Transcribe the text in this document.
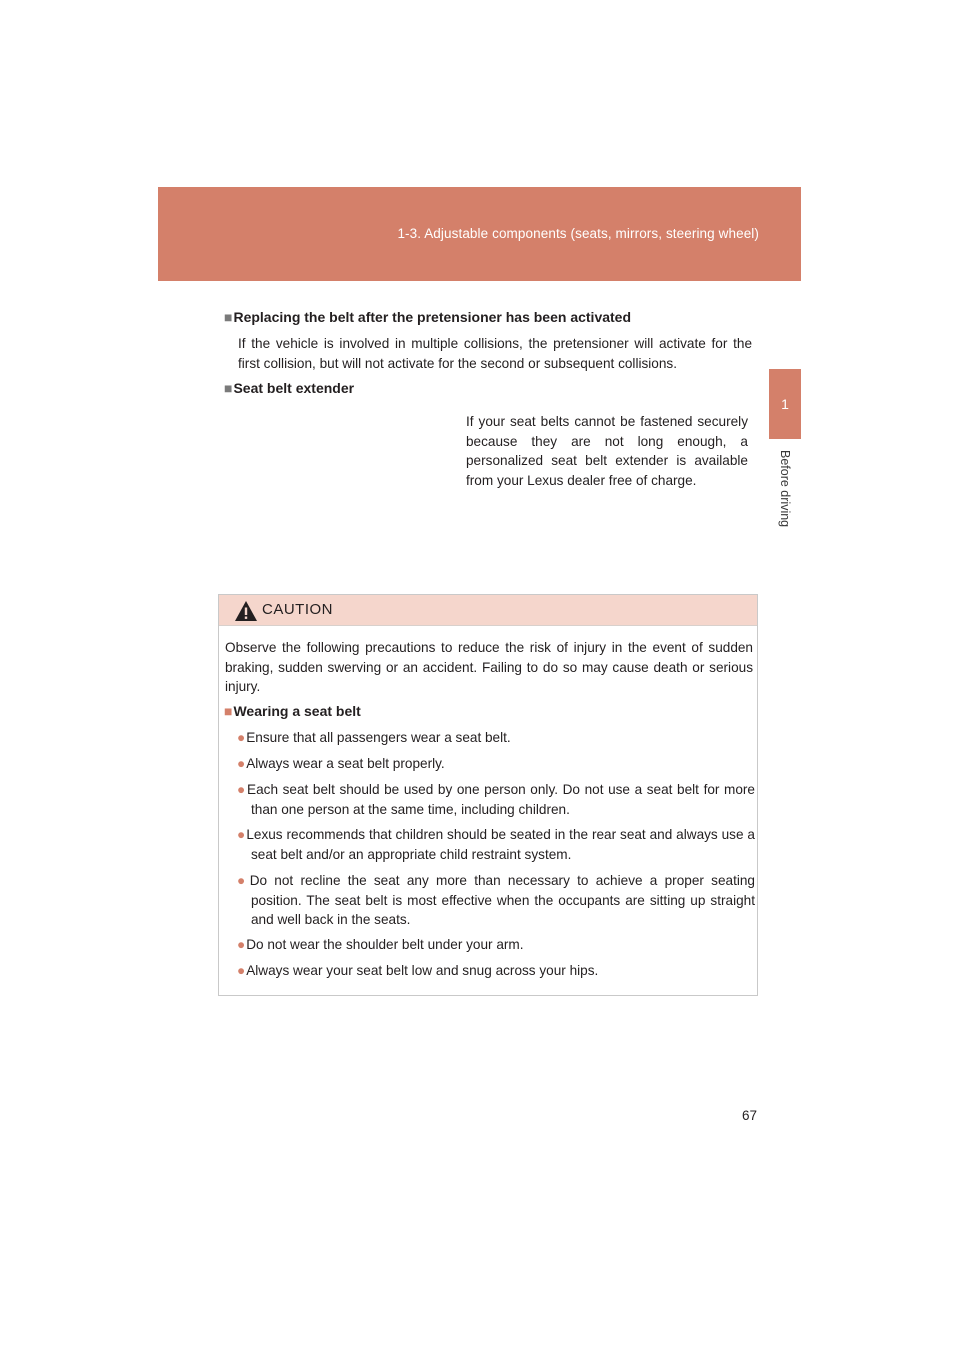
1-3. Adjustable components (seats, mirrors, steering wheel)
1
Before driving
■Replacing the belt after the pretensioner has been activated

If the vehicle is involved in multiple collisions, the pretensioner will activate for the first collision, but will not activate for the second or subsequent collisions.

■Seat belt extender

If your seat belts cannot be fastened securely because they are not long enough, a personalized seat belt extender is available from your Lexus dealer free of charge.

CAUTION

Observe the following precautions to reduce the risk of injury in the event of sudden braking, sudden swerving or an accident. Failing to do so may cause death or serious injury.

■Wearing a seat belt
●Ensure that all passengers wear a seat belt.
●Always wear a seat belt properly.
●Each seat belt should be used by one person only. Do not use a seat belt for more than one person at the same time, including children.
●Lexus recommends that children should be seated in the rear seat and always use a seat belt and/or an appropriate child restraint system.
●Do not recline the seat any more than necessary to achieve a proper seating position. The seat belt is most effective when the occupants are sitting up straight and well back in the seats.
●Do not wear the shoulder belt under your arm.
●Always wear your seat belt low and snug across your hips.
67
